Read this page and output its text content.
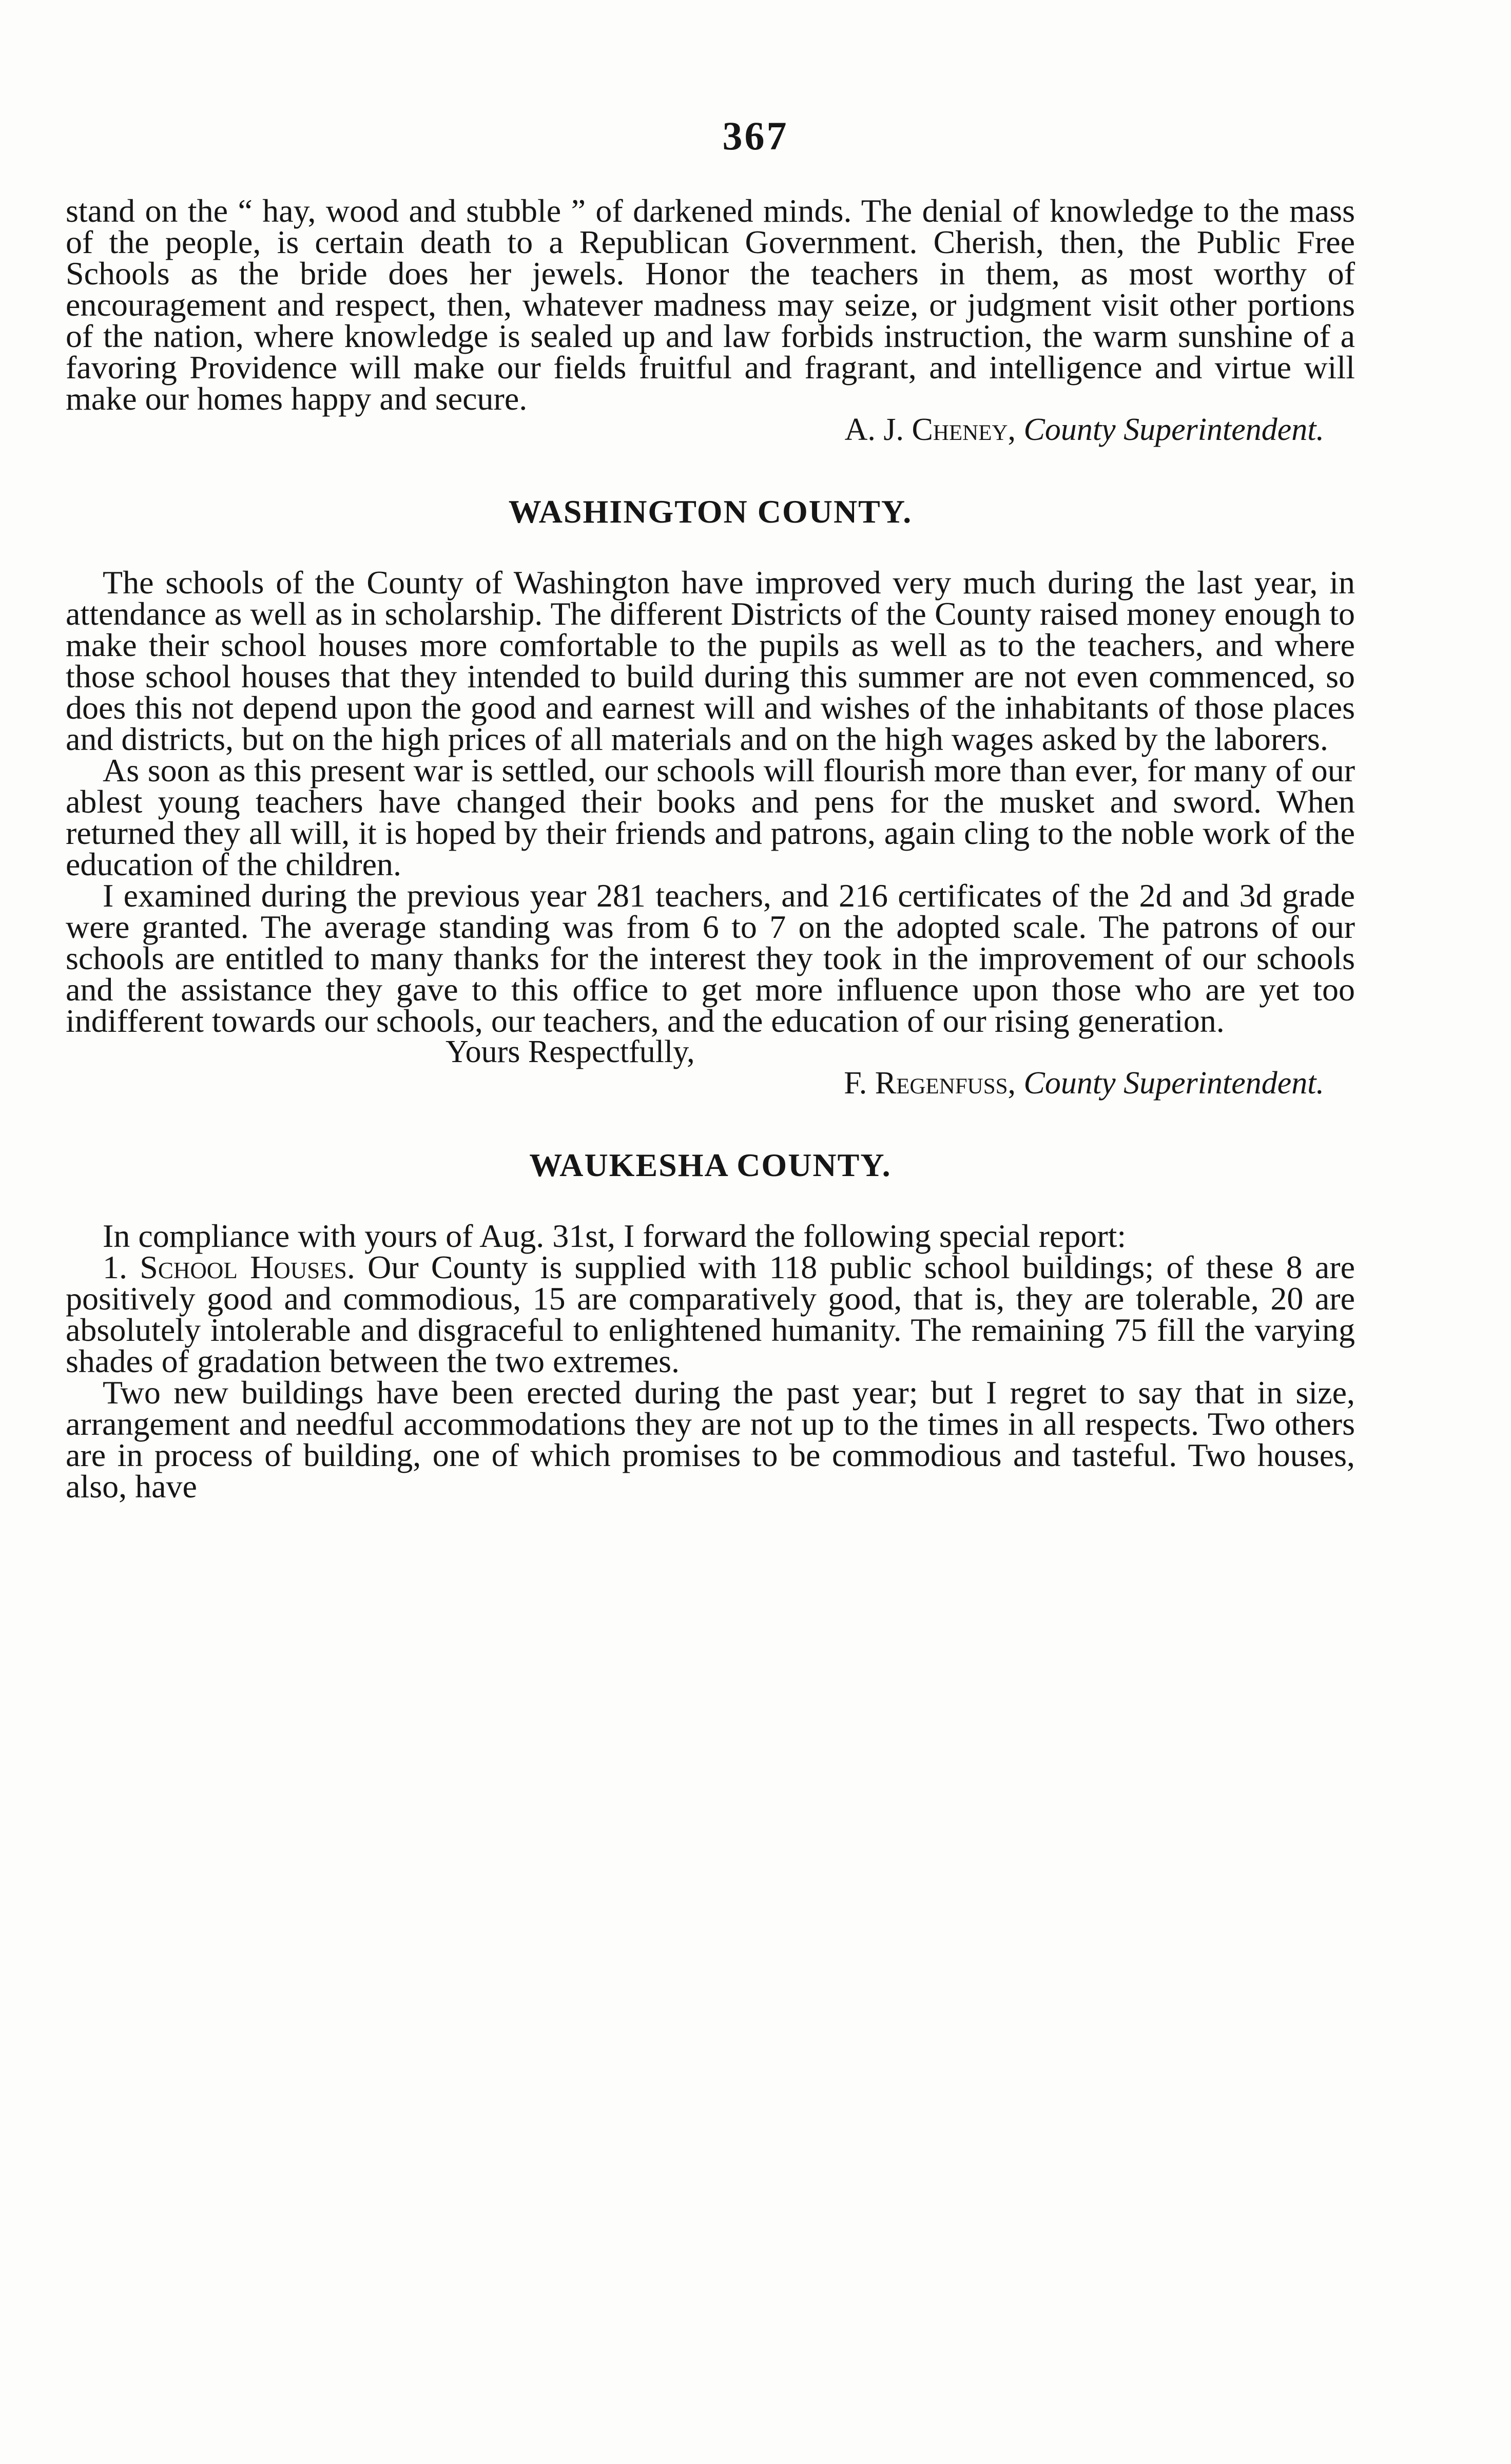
367

stand on the “ hay, wood and stubble ” of darkened minds. The denial of knowledge to the mass of the people, is certain death to a Republican Government. Cherish, then, the Public Free Schools as the bride does her jewels. Honor the teachers in them, as most worthy of encouragement and respect, then, whatever madness may seize, or judgment visit other portions of the nation, where knowledge is sealed up and law forbids instruction, the warm sunshine of a favoring Providence will make our fields fruitful and fragrant, and intelligence and virtue will make our homes happy and secure.

A. J. Cheney, County Superintendent.

WASHINGTON COUNTY.

The schools of the County of Washington have improved very much during the last year, in attendance as well as in scholarship. The different Districts of the County raised money enough to make their school houses more comfortable to the pupils as well as to the teachers, and where those school houses that they intended to build during this summer are not even commenced, so does this not depend upon the good and earnest will and wishes of the inhabitants of those places and districts, but on the high prices of all materials and on the high wages asked by the laborers.

As soon as this present war is settled, our schools will flourish more than ever, for many of our ablest young teachers have changed their books and pens for the musket and sword. When returned they all will, it is hoped by their friends and patrons, again cling to the noble work of the education of the children.

I examined during the previous year 281 teachers, and 216 certificates of the 2d and 3d grade were granted. The average standing was from 6 to 7 on the adopted scale. The patrons of our schools are entitled to many thanks for the interest they took in the improvement of our schools and the assistance they gave to this office to get more influence upon those who are yet too indifferent towards our schools, our teachers, and the education of our rising generation.

Yours Respectfully,

F. Regenfuss, County Superintendent.

WAUKESHA COUNTY.

In compliance with yours of Aug. 31st, I forward the following special report:

1. School Houses. Our County is supplied with 118 public school buildings; of these 8 are positively good and commodious, 15 are comparatively good, that is, they are tolerable, 20 are absolutely intolerable and disgraceful to enlightened humanity. The remaining 75 fill the varying shades of gradation between the two extremes.

Two new buildings have been erected during the past year; but I regret to say that in size, arrangement and needful accommodations they are not up to the times in all respects. Two others are in process of building, one of which promises to be commodious and tasteful. Two houses, also, have
